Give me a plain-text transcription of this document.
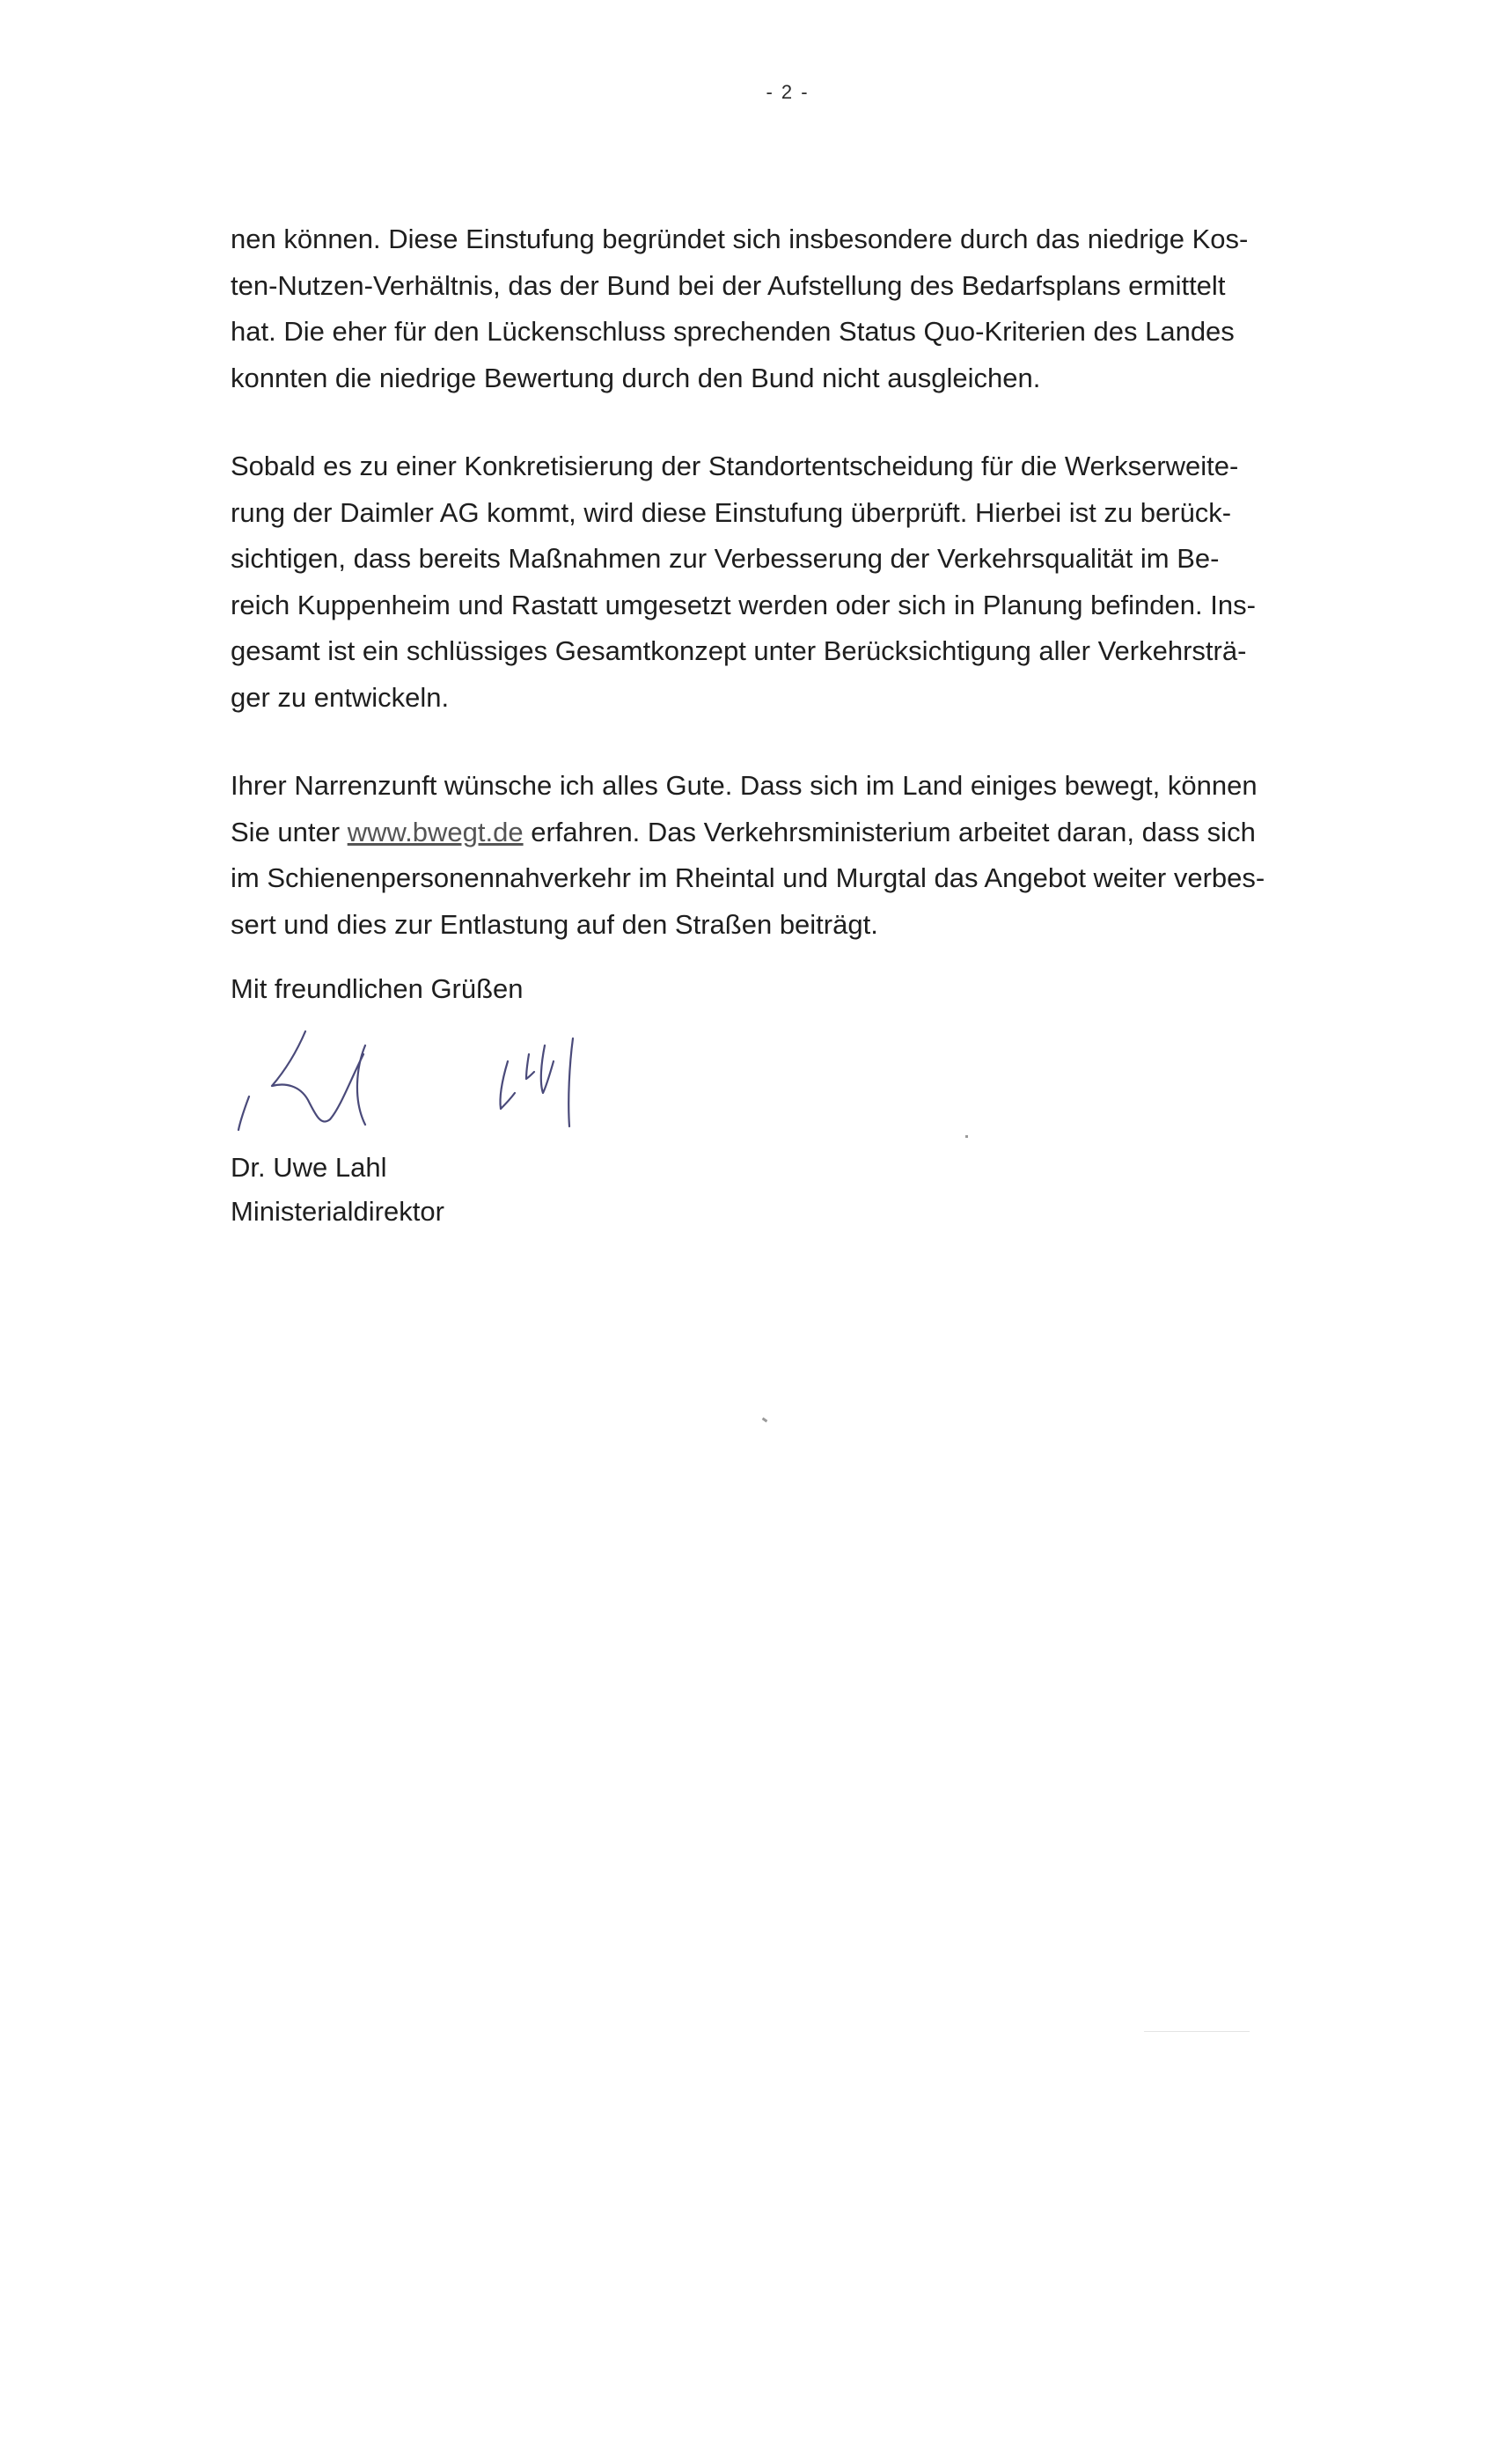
- 2 -
nen können. Diese Einstufung begründet sich insbesondere durch das niedrige Kos-
ten-Nutzen-Verhältnis, das der Bund bei der Aufstellung des Bedarfsplans ermittelt
hat. Die eher für den Lückenschluss sprechenden Status Quo-Kriterien des Landes
konnten die niedrige Bewertung durch den Bund nicht ausgleichen.
Sobald es zu einer Konkretisierung der Standortentscheidung für die Werkserweite-
rung der Daimler AG kommt, wird diese Einstufung überprüft. Hierbei ist zu berück-
sichtigen, dass bereits Maßnahmen zur Verbesserung der Verkehrsqualität im Be-
reich Kuppenheim und Rastatt umgesetzt werden oder sich in Planung befinden. Ins-
gesamt ist ein schlüssiges Gesamtkonzept unter Berücksichtigung aller Verkehrsträ-
ger zu entwickeln.
Ihrer Narrenzunft wünsche ich alles Gute. Dass sich im Land einiges bewegt, können
Sie unter www.bwegt.de erfahren. Das Verkehrsministerium arbeitet daran, dass sich
im Schienenpersonennahverkehr im Rheintal und Murgtal das Angebot weiter verbes-
sert und dies zur Entlastung auf den Straßen beiträgt.
Mit freundlichen Grüßen
Dr. Uwe Lahl
Ministerialdirektor
